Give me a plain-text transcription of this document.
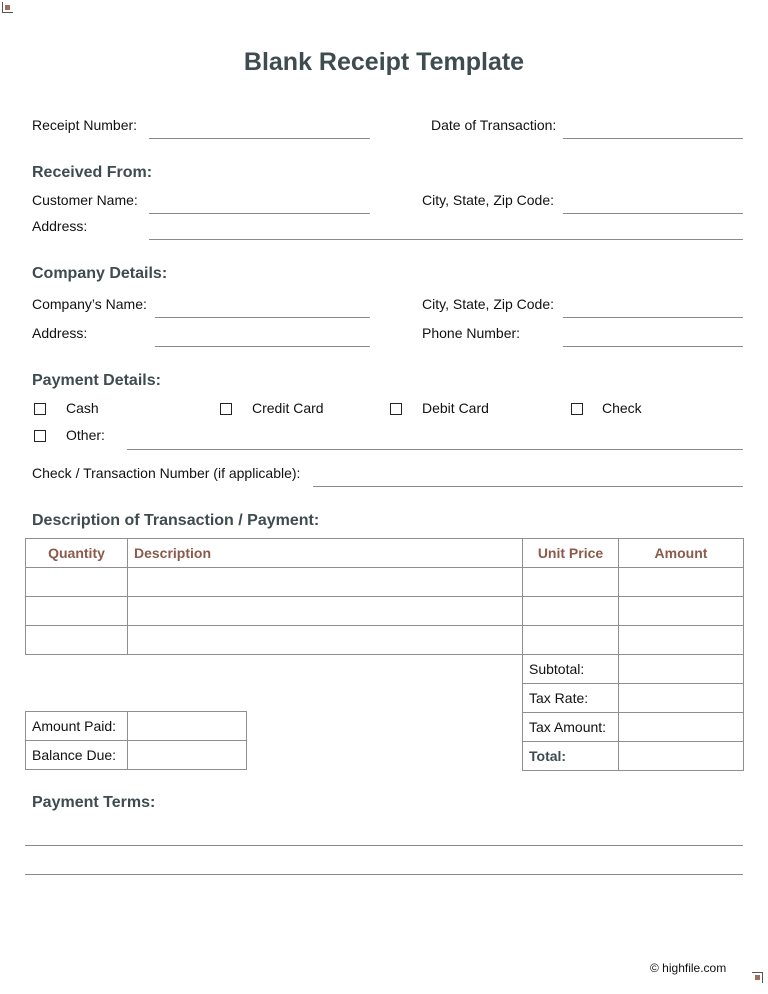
Blank Receipt Template
Receipt Number:	Date of Transaction:
Received From:
Customer Name:	City, State, Zip Code:
Address:
Company Details:
Company’s Name:	City, State, Zip Code:
Address:	Phone Number:
Payment Details:
Cash	Credit Card	Debit Card	Check
Other:
Check / Transaction Number (if applicable):
Description of Transaction / Payment:
Quantity	Description	Unit Price	Amount

Subtotal:	
Tax Rate:	
Tax Amount:	
Total:	
Amount Paid:	
Balance Due:	
Payment Terms:
© highfile.com
